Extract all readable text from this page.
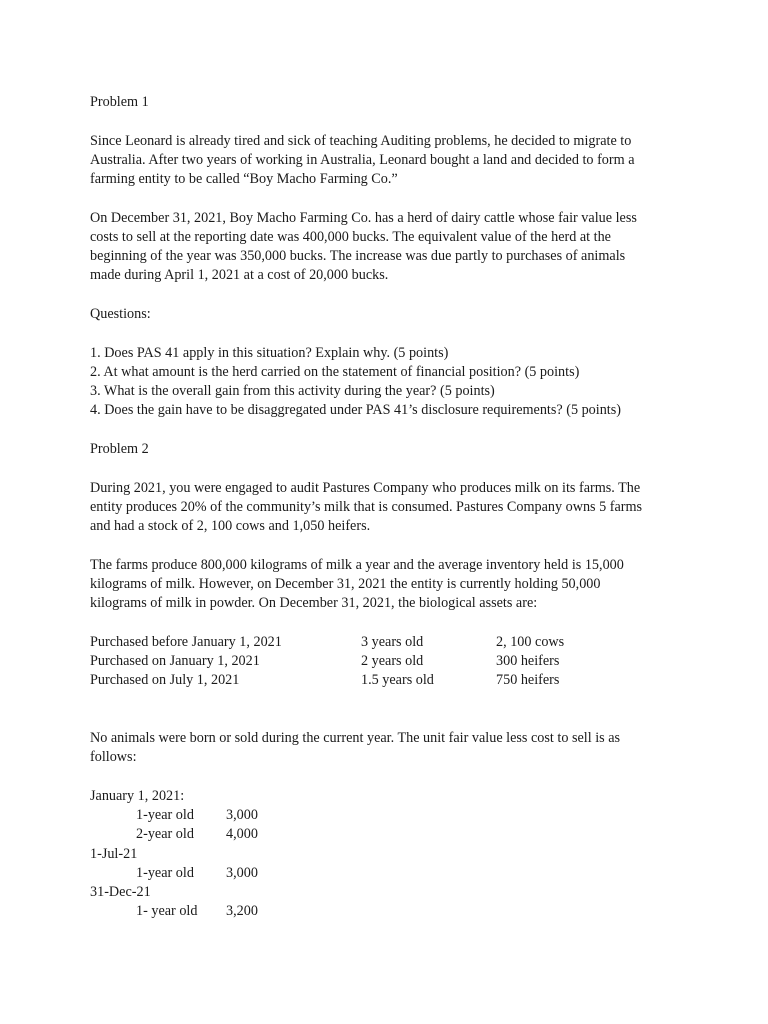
Problem 1
Since Leonard is already tired and sick of teaching Auditing problems, he decided to migrate to
Australia. After two years of working in Australia, Leonard bought a land and decided to form a
farming entity to be called “Boy Macho Farming Co.”
On December 31, 2021, Boy Macho Farming Co. has a herd of dairy cattle whose fair value less
costs to sell at the reporting date was 400,000 bucks. The equivalent value of the herd at the
beginning of the year was 350,000 bucks. The increase was due partly to purchases of animals
made during April 1, 2021 at a cost of 20,000 bucks.
Questions:
1. Does PAS 41 apply in this situation? Explain why. (5 points)
2. At what amount is the herd carried on the statement of financial position? (5 points)
3. What is the overall gain from this activity during the year? (5 points)
4. Does the gain have to be disaggregated under PAS 41’s disclosure requirements? (5 points)
Problem 2
During 2021, you were engaged to audit Pastures Company who produces milk on its farms. The
entity produces 20% of the community’s milk that is consumed. Pastures Company owns 5 farms
and had a stock of 2, 100 cows and 1,050 heifers.
The farms produce 800,000 kilograms of milk a year and the average inventory held is 15,000
kilograms of milk. However, on December 31, 2021 the entity is currently holding 50,000
kilograms of milk in powder. On December 31, 2021, the biological assets are:
Purchased before January 1, 2021	3 years old	2, 100 cows
Purchased on January 1, 2021	2 years old	300 heifers
Purchased on July 1, 2021	1.5 years old	750 heifers
No animals were born or sold during the current year. The unit fair value less cost to sell is as
follows:
January 1, 2021:
1-year old 3,000
2-year old 4,000
1-Jul-21
1-year old 3,000
31-Dec-21
1- year old 3,200
